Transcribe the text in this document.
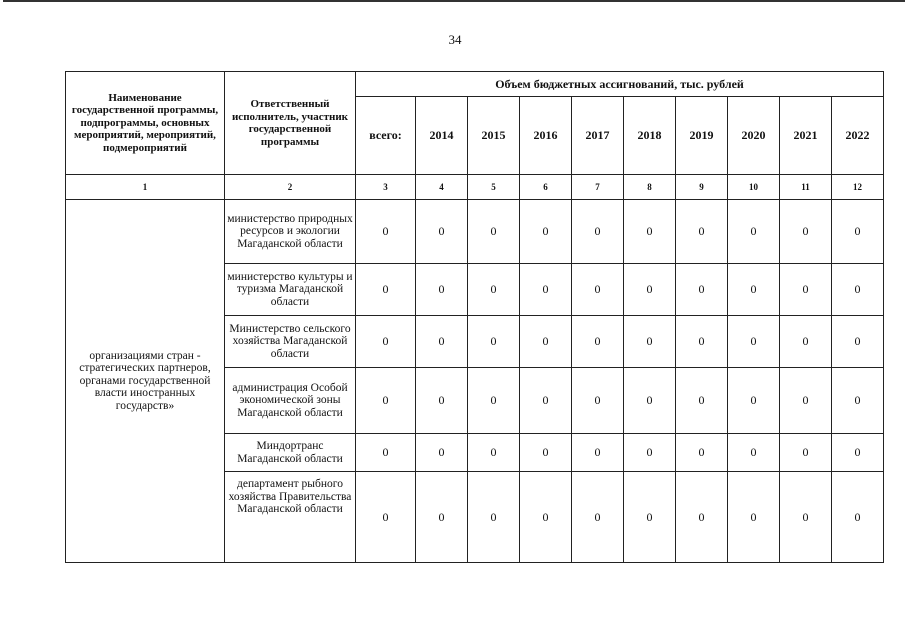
34
Наименование государственной программы, подпрограммы, основных мероприятий, мероприятий, подмероприятий	Ответственный исполнитель, участник государственной программы	Объем бюджетных ассигнований, тыс. рублей									
		всего:	2014	2015	2016	2017	2018	2019	2020	2021	2022
1	2	3	4	5	6	7	8	9	10	11	12
организациями стран - стратегических партнеров, органами государственной власти иностранных государств»	министерство природных ресурсов и экологии Магаданской области	0	0	0	0	0	0	0	0	0	0
	министерство культуры и туризма Магаданской области	0	0	0	0	0	0	0	0	0	0
	Министерство сельского хозяйства Магаданской области	0	0	0	0	0	0	0	0	0	0
	администрация Особой экономической зоны Магаданской области	0	0	0	0	0	0	0	0	0	0
	Миндортранс Магаданской области	0	0	0	0	0	0	0	0	0	0
	департамент рыбного хозяйства Правительства Магаданской области	0	0	0	0	0	0	0	0	0	0
